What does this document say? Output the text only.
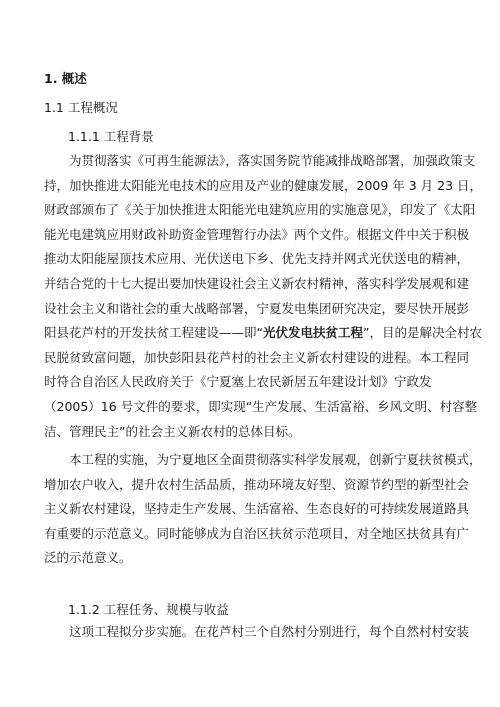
1. 概述
1.1 工程概况
1.1.1 工程背景
为贯彻落实《可再生能源法》，落实国务院节能减排战略部署，加强政策支
持，加快推进太阳能光电技术的应用及产业的健康发展，2009 年 3 月 23 日，
财政部颁布了《关于加快推进太阳能光电建筑应用的实施意见》，印发了《太阳
能光电建筑应用财政补助资金管理暂行办法》两个文件。根据文件中关于积极
推动太阳能屋顶技术应用、光伏送电下乡、优先支持并网式光伏送电的精神，
并结合党的十七大提出要加快建设社会主义新农村精神，落实科学发展观和建
设社会主义和谐社会的重大战略部署，宁夏发电集团研究决定，要尽快开展彭
阳县花芦村的开发扶贫工程建设——即“光伏发电扶贫工程”，目的是解决全村农
民脱贫致富问题，加快彭阳县花芦村的社会主义新农村建设的进程。本工程同
时符合自治区人民政府关于《宁夏塞上农民新居五年建设计划》宁政发
（2005）16 号文件的要求，即实现“生产发展、生活富裕、乡风文明、村容整
洁、管理民主”的社会主义新农村的总体目标。
本工程的实施，为宁夏地区全面贯彻落实科学发展观，创新宁夏扶贫模式，
增加农户收入，提升农村生活品质，推动环境友好型、资源节约型的新型社会
主义新农村建设，坚持走生产发展、生活富裕、生态良好的可持续发展道路具
有重要的示范意义。同时能够成为自治区扶贫示范项目，对全地区扶贫具有广
泛的示范意义。
1.1.2 工程任务、规模与收益
这项工程拟分步实施。在花芦村三个自然村分别进行，每个自然村村安装
